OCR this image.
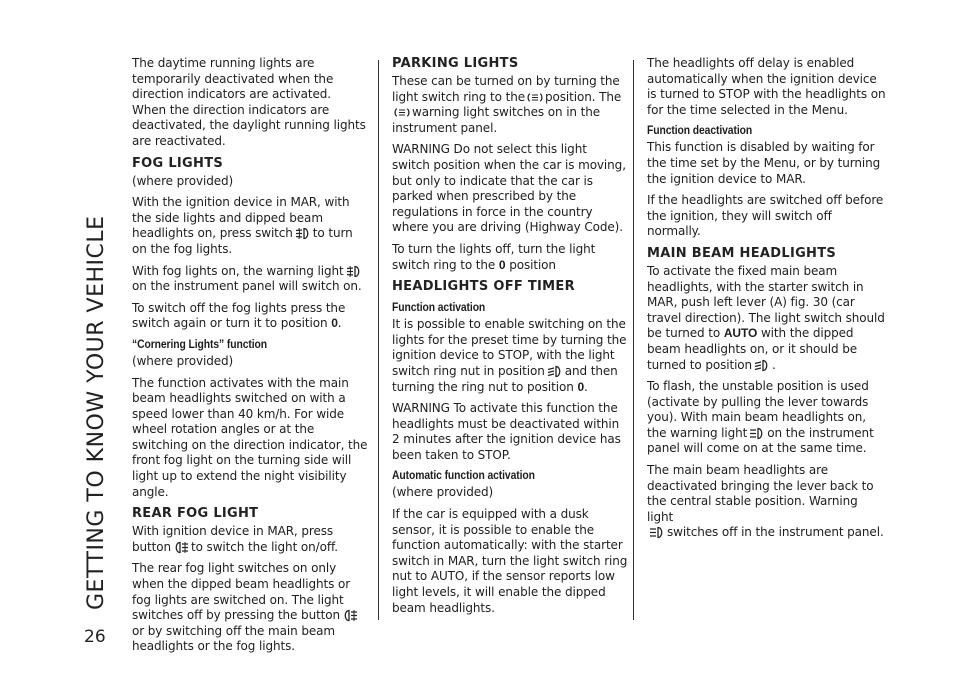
GETTING TO KNOW YOUR VEHICLE
26

The daytime running lights are temporarily deactivated when the direction indicators are activated.

When the direction indicators are deactivated, the daylight running lights are reactivated.

FOG LIGHTS

(where provided)

With the ignition device in MAR, with the side lights and dipped beam headlights on, press switch to turn on the fog lights.

With fog lights on, the warning light
on the instrument panel will switch on.

To switch off the fog lights press the switch again or turn it to position 0.

“Cornering Lights” function

(where provided)

The function activates with the main beam headlights switched on with a speed lower than 40 km/h. For wide wheel rotation angles or at the switching on the direction indicator, the front fog light on the turning side will light up to extend the night visibility angle.

REAR FOG LIGHT

With ignition device in MAR, press button to switch the light on/off.

The rear fog light switches on only when the dipped beam headlights or fog lights are switched on. The light switches off by pressing the button
or by switching off the main beam headlights or the fog lights.

PARKING LIGHTS

These can be turned on by turning the light switch ring to the position. The
warning light switches on in the instrument panel.

WARNING Do not select this light switch position when the car is moving, but only to indicate that the car is parked when prescribed by the regulations in force in the country where you are driving (Highway Code).

To turn the lights off, turn the light switch ring to the 0 position

HEADLIGHTS OFF TIMER
Function activation

It is possible to enable switching on the lights for the preset time by turning the ignition device to STOP, with the light switch ring nut in position and then turning the ring nut to position 0.

WARNING To activate this function the headlights must be deactivated within 2 minutes after the ignition device has been taken to STOP.

Automatic function activation

(where provided)

If the car is equipped with a dusk sensor, it is possible to enable the function automatically: with the starter switch in MAR, turn the light switch ring nut to AUTO, if the sensor reports low light levels, it will enable the dipped beam headlights.

The headlights off delay is enabled automatically when the ignition device is turned to STOP with the headlights on for the time selected in the Menu.

Function deactivation

This function is disabled by waiting for the time set by the Menu, or by turning the ignition device to MAR.

If the headlights are switched off before the ignition, they will switch off normally.

MAIN BEAM HEADLIGHTS

To activate the fixed main beam headlights, with the starter switch in MAR, push left lever (A) fig. 30 (car travel direction). The light switch should be turned to AUTO with the dipped beam headlights on, or it should be turned to position .

To flash, the unstable position is used (activate by pulling the lever towards you). With main beam headlights on, the warning light on the instrument panel will come on at the same time.

The main beam headlights are deactivated bringing the lever back to the central stable position. Warning light

switches off in the instrument panel.
